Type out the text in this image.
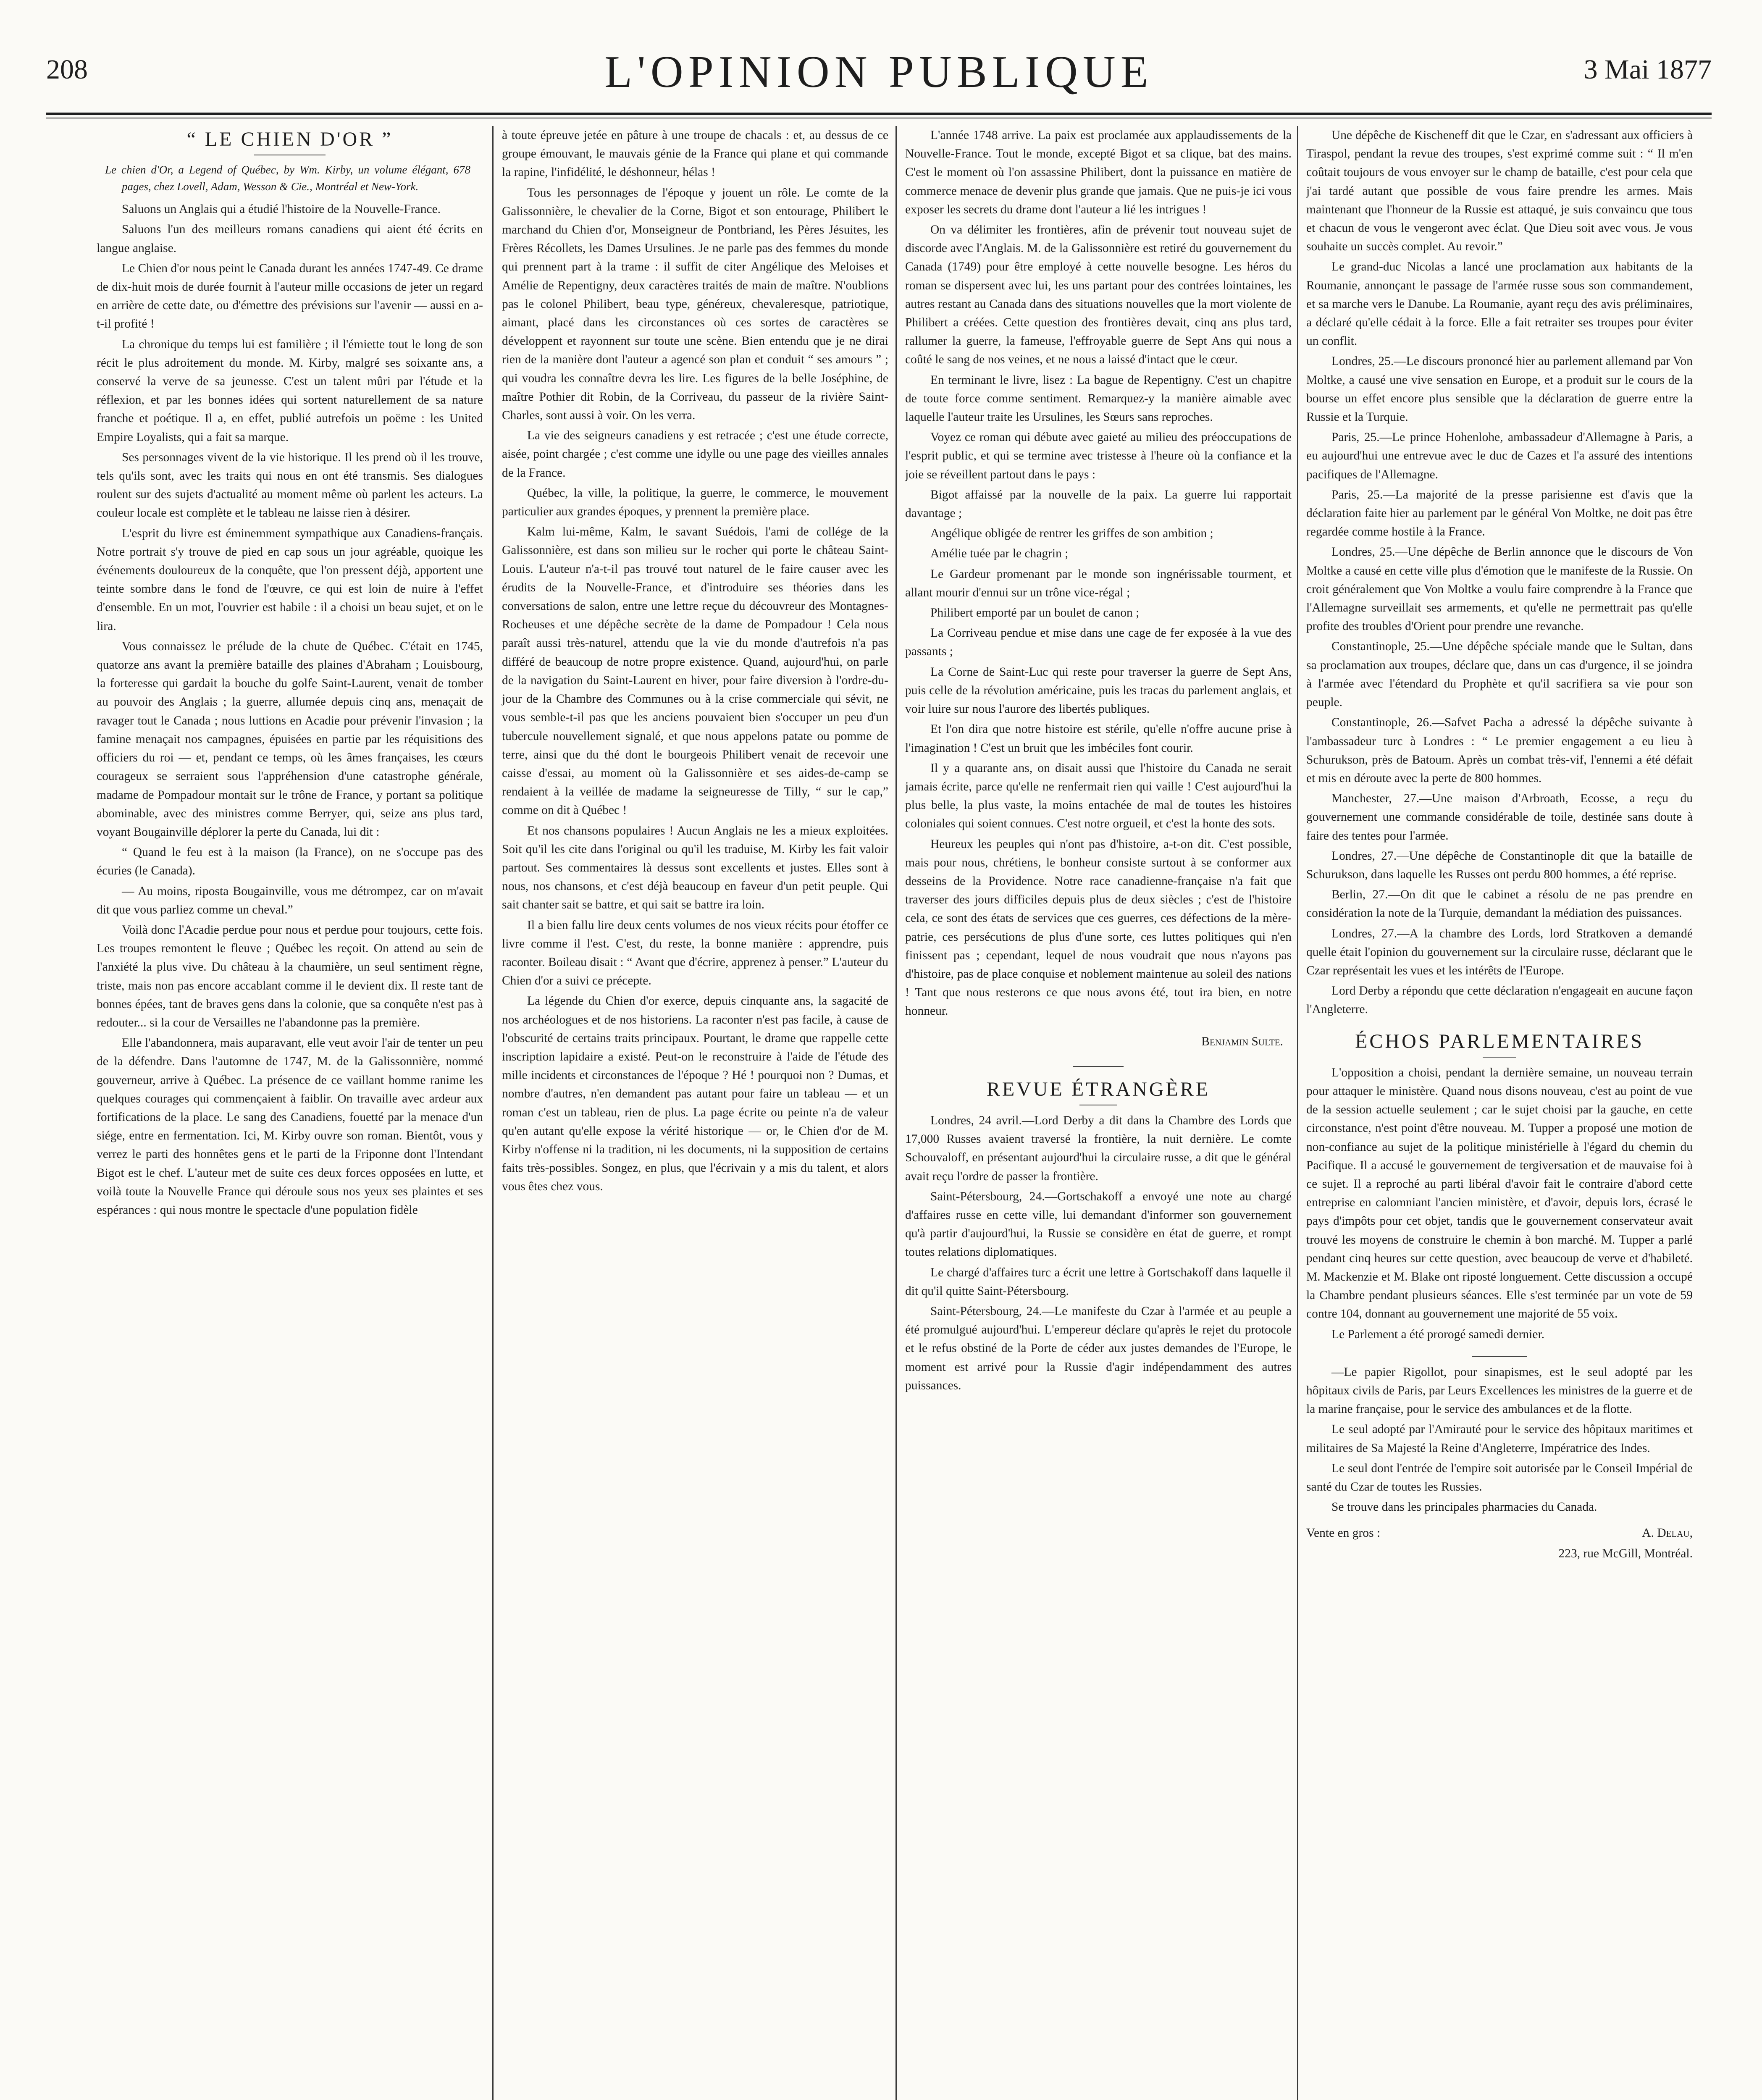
208	L'OPINION PUBLIQUE	3 Mai 1877
“ LE CHIEN D'OR ”

Le chien d'Or, a Legend of Québec, by Wm. Kirby, un volume élégant, 678 pages, chez Lovell, Adam, Wesson & Cie., Montréal et New-York.

Saluons un Anglais qui a étudié l'histoire de la Nouvelle-France.

Saluons l'un des meilleurs romans canadiens qui aient été écrits en langue anglaise.

Le Chien d'or nous peint le Canada durant les années 1747-49. Ce drame de dix-huit mois de durée fournit à l'auteur mille occasions de jeter un regard en arrière de cette date, ou d'émettre des prévisions sur l'avenir — aussi en a-t-il profité !

La chronique du temps lui est familière ; il l'émiette tout le long de son récit le plus adroitement du monde. M. Kirby, malgré ses soixante ans, a conservé la verve de sa jeunesse. C'est un talent mûri par l'étude et la réflexion, et par les bonnes idées qui sortent naturellement de sa nature franche et poétique. Il a, en effet, publié autrefois un poëme : les United Empire Loyalists, qui a fait sa marque.

Ses personnages vivent de la vie historique. Il les prend où il les trouve, tels qu'ils sont, avec les traits qui nous en ont été transmis. Ses dialogues roulent sur des sujets d'actualité au moment même où parlent les acteurs. La couleur locale est complète et le tableau ne laisse rien à désirer.

L'esprit du livre est éminemment sympathique aux Canadiens-français. Notre portrait s'y trouve de pied en cap sous un jour agréable, quoique les événements douloureux de la conquête, que l'on pressent déjà, apportent une teinte sombre dans le fond de l'œuvre, ce qui est loin de nuire à l'effet d'ensemble. En un mot, l'ouvrier est habile : il a choisi un beau sujet, et on le lira.

Vous connaissez le prélude de la chute de Québec. C'était en 1745, quatorze ans avant la première bataille des plaines d'Abraham ; Louisbourg, la forteresse qui gardait la bouche du golfe Saint-Laurent, venait de tomber au pouvoir des Anglais ; la guerre, allumée depuis cinq ans, menaçait de ravager tout le Canada ; nous luttions en Acadie pour prévenir l'invasion ; la famine menaçait nos campagnes, épuisées en partie par les réquisitions des officiers du roi — et, pendant ce temps, où les âmes françaises, les cœurs courageux se serraient sous l'appréhension d'une catastrophe générale, madame de Pompadour montait sur le trône de France, y portant sa politique abominable, avec des ministres comme Berryer, qui, seize ans plus tard, voyant Bougainville déplorer la perte du Canada, lui dit :

“ Quand le feu est à la maison (la France), on ne s'occupe pas des écuries (le Canada).

— Au moins, riposta Bougainville, vous me détrompez, car on m'avait dit que vous parliez comme un cheval.”

Voilà donc l'Acadie perdue pour nous et perdue pour toujours, cette fois. Les troupes remontent le fleuve ; Québec les reçoit. On attend au sein de l'anxiété la plus vive. Du château à la chaumière, un seul sentiment règne, triste, mais non pas encore accablant comme il le devient dix. Il reste tant de bonnes épées, tant de braves gens dans la colonie, que sa conquête n'est pas à redouter... si la cour de Versailles ne l'abandonne pas la première.

Elle l'abandonnera, mais auparavant, elle veut avoir l'air de tenter un peu de la défendre. Dans l'automne de 1747, M. de la Galissonnière, nommé gouverneur, arrive à Québec. La présence de ce vaillant homme ranime les quelques courages qui commençaient à faiblir. On travaille avec ardeur aux fortifications de la place. Le sang des Canadiens, fouetté par la menace d'un siége, entre en fermentation. Ici, M. Kirby ouvre son roman. Bientôt, vous y verrez le parti des honnêtes gens et le parti de la Friponne dont l'Intendant Bigot est le chef. L'auteur met de suite ces deux forces opposées en lutte, et voilà toute la Nouvelle France qui déroule sous nos yeux ses plaintes et ses espérances : qui nous montre le spectacle d'une population fidèle

à toute épreuve jetée en pâture à une troupe de chacals : et, au dessus de ce groupe émouvant, le mauvais génie de la France qui plane et qui commande la rapine, l'infidélité, le déshonneur, hélas !

Tous les personnages de l'époque y jouent un rôle. Le comte de la Galissonnière, le chevalier de la Corne, Bigot et son entourage, Philibert le marchand du Chien d'or, Monseigneur de Pontbriand, les Pères Jésuites, les Frères Récollets, les Dames Ursulines. Je ne parle pas des femmes du monde qui prennent part à la trame : il suffit de citer Angélique des Meloises et Amélie de Repentigny, deux caractères traités de main de maître. N'oublions pas le colonel Philibert, beau type, généreux, chevaleresque, patriotique, aimant, placé dans les circonstances où ces sortes de caractères se développent et rayonnent sur toute une scène. Bien entendu que je ne dirai rien de la manière dont l'auteur a agencé son plan et conduit “ ses amours ” ; qui voudra les connaître devra les lire. Les figures de la belle Joséphine, de maître Pothier dit Robin, de la Corriveau, du passeur de la rivière Saint-Charles, sont aussi à voir. On les verra.

La vie des seigneurs canadiens y est retracée ; c'est une étude correcte, aisée, point chargée ; c'est comme une idylle ou une page des vieilles annales de la France.

Québec, la ville, la politique, la guerre, le commerce, le mouvement particulier aux grandes époques, y prennent la première place.

Kalm lui-même, Kalm, le savant Suédois, l'ami de collége de la Galissonnière, est dans son milieu sur le rocher qui porte le château Saint-Louis. L'auteur n'a-t-il pas trouvé tout naturel de le faire causer avec les érudits de la Nouvelle-France, et d'introduire ses théories dans les conversations de salon, entre une lettre reçue du découvreur des Montagnes-Rocheuses et une dépêche secrète de la dame de Pompadour ! Cela nous paraît aussi très-naturel, attendu que la vie du monde d'autrefois n'a pas différé de beaucoup de notre propre existence. Quand, aujourd'hui, on parle de la navigation du Saint-Laurent en hiver, pour faire diversion à l'ordre-du-jour de la Chambre des Communes ou à la crise commerciale qui sévit, ne vous semble-t-il pas que les anciens pouvaient bien s'occuper un peu d'un tubercule nouvellement signalé, et que nous appelons patate ou pomme de terre, ainsi que du thé dont le bourgeois Philibert venait de recevoir une caisse d'essai, au moment où la Galissonnière et ses aides-de-camp se rendaient à la veillée de madame la seigneuresse de Tilly, “ sur le cap,” comme on dit à Québec !

Et nos chansons populaires ! Aucun Anglais ne les a mieux exploitées. Soit qu'il les cite dans l'original ou qu'il les traduise, M. Kirby les fait valoir partout. Ses commentaires là dessus sont excellents et justes. Elles sont à nous, nos chansons, et c'est déjà beaucoup en faveur d'un petit peuple. Qui sait chanter sait se battre, et qui sait se battre ira loin.

Il a bien fallu lire deux cents volumes de nos vieux récits pour étoffer ce livre comme il l'est. C'est, du reste, la bonne manière : apprendre, puis raconter. Boileau disait : “ Avant que d'écrire, apprenez à penser.” L'auteur du Chien d'or a suivi ce précepte.

La légende du Chien d'or exerce, depuis cinquante ans, la sagacité de nos archéologues et de nos historiens. La raconter n'est pas facile, à cause de l'obscurité de certains traits principaux. Pourtant, le drame que rappelle cette inscription lapidaire a existé. Peut-on le reconstruire à l'aide de l'étude des mille incidents et circonstances de l'époque ? Hé ! pourquoi non ? Dumas, et nombre d'autres, n'en demandent pas autant pour faire un tableau — et un roman c'est un tableau, rien de plus. La page écrite ou peinte n'a de valeur qu'en autant qu'elle expose la vérité historique — or, le Chien d'or de M. Kirby n'offense ni la tradition, ni les documents, ni la supposition de certains faits très-possibles. Songez, en plus, que l'écrivain y a mis du talent, et alors vous êtes chez vous.

L'année 1748 arrive. La paix est proclamée aux applaudissements de la Nouvelle-France. Tout le monde, excepté Bigot et sa clique, bat des mains. C'est le moment où l'on assassine Philibert, dont la puissance en matière de commerce menace de devenir plus grande que jamais. Que ne puis-je ici vous exposer les secrets du drame dont l'auteur a lié les intrigues !

On va délimiter les frontières, afin de prévenir tout nouveau sujet de discorde avec l'Anglais. M. de la Galissonnière est retiré du gouvernement du Canada (1749) pour être employé à cette nouvelle besogne. Les héros du roman se dispersent avec lui, les uns partant pour des contrées lointaines, les autres restant au Canada dans des situations nouvelles que la mort violente de Philibert a créées. Cette question des frontières devait, cinq ans plus tard, rallumer la guerre, la fameuse, l'effroyable guerre de Sept Ans qui nous a coûté le sang de nos veines, et ne nous a laissé d'intact que le cœur.

En terminant le livre, lisez : La bague de Repentigny. C'est un chapitre de toute force comme sentiment. Remarquez-y la manière aimable avec laquelle l'auteur traite les Ursulines, les Sœurs sans reproches.

Voyez ce roman qui débute avec gaieté au milieu des préoccupations de l'esprit public, et qui se termine avec tristesse à l'heure où la confiance et la joie se réveillent partout dans le pays :

Bigot affaissé par la nouvelle de la paix. La guerre lui rapportait davantage ;

Angélique obligée de rentrer les griffes de son ambition ;

Amélie tuée par le chagrin ;

Le Gardeur promenant par le monde son ingnérissable tourment, et allant mourir d'ennui sur un trône vice-régal ;

Philibert emporté par un boulet de canon ;

La Corriveau pendue et mise dans une cage de fer exposée à la vue des passants ;

La Corne de Saint-Luc qui reste pour traverser la guerre de Sept Ans, puis celle de la révolution américaine, puis les tracas du parlement anglais, et voir luire sur nous l'aurore des libertés publiques.

Et l'on dira que notre histoire est stérile, qu'elle n'offre aucune prise à l'imagination ! C'est un bruit que les imbéciles font courir.

Il y a quarante ans, on disait aussi que l'histoire du Canada ne serait jamais écrite, parce qu'elle ne renfermait rien qui vaille ! C'est aujourd'hui la plus belle, la plus vaste, la moins entachée de mal de toutes les histoires coloniales qui soient connues. C'est notre orgueil, et c'est la honte des sots.

Heureux les peuples qui n'ont pas d'histoire, a-t-on dit. C'est possible, mais pour nous, chrétiens, le bonheur consiste surtout à se conformer aux desseins de la Providence. Notre race canadienne-française n'a fait que traverser des jours difficiles depuis plus de deux siècles ; c'est de l'histoire cela, ce sont des états de services que ces guerres, ces défections de la mère-patrie, ces persécutions de plus d'une sorte, ces luttes politiques qui n'en finissent pas ; cependant, lequel de nous voudrait que nous n'ayons pas d'histoire, pas de place conquise et noblement maintenue au soleil des nations ! Tant que nous resterons ce que nous avons été, tout ira bien, en notre honneur.

Benjamin Sulte.

REVUE ÉTRANGÈRE

Londres, 24 avril.—Lord Derby a dit dans la Chambre des Lords que 17,000 Russes avaient traversé la frontière, la nuit dernière. Le comte Schouvaloff, en présentant aujourd'hui la circulaire russe, a dit que le général avait reçu l'ordre de passer la frontière.

Saint-Pétersbourg, 24.—Gortschakoff a envoyé une note au chargé d'affaires russe en cette ville, lui demandant d'informer son gouvernement qu'à partir d'aujourd'hui, la Russie se considère en état de guerre, et rompt toutes relations diplomatiques.

Le chargé d'affaires turc a écrit une lettre à Gortschakoff dans laquelle il dit qu'il quitte Saint-Pétersbourg.

Saint-Pétersbourg, 24.—Le manifeste du Czar à l'armée et au peuple a été promulgué aujourd'hui. L'empereur déclare qu'après le rejet du protocole et le refus obstiné de la Porte de céder aux justes demandes de l'Europe, le moment est arrivé pour la Russie d'agir indépendamment des autres puissances.

Une dépêche de Kischeneff dit que le Czar, en s'adressant aux officiers à Tiraspol, pendant la revue des troupes, s'est exprimé comme suit : “ Il m'en coûtait toujours de vous envoyer sur le champ de bataille, c'est pour cela que j'ai tardé autant que possible de vous faire prendre les armes. Mais maintenant que l'honneur de la Russie est attaqué, je suis convaincu que tous et chacun de vous le vengeront avec éclat. Que Dieu soit avec vous. Je vous souhaite un succès complet. Au revoir.”

Le grand-duc Nicolas a lancé une proclamation aux habitants de la Roumanie, annonçant le passage de l'armée russe sous son commandement, et sa marche vers le Danube. La Roumanie, ayant reçu des avis préliminaires, a déclaré qu'elle cédait à la force. Elle a fait retraiter ses troupes pour éviter un conflit.

Londres, 25.—Le discours prononcé hier au parlement allemand par Von Moltke, a causé une vive sensation en Europe, et a produit sur le cours de la bourse un effet encore plus sensible que la déclaration de guerre entre la Russie et la Turquie.

Paris, 25.—Le prince Hohenlohe, ambassadeur d'Allemagne à Paris, a eu aujourd'hui une entrevue avec le duc de Cazes et l'a assuré des intentions pacifiques de l'Allemagne.

Paris, 25.—La majorité de la presse parisienne est d'avis que la déclaration faite hier au parlement par le général Von Moltke, ne doit pas être regardée comme hostile à la France.

Londres, 25.—Une dépêche de Berlin annonce que le discours de Von Moltke a causé en cette ville plus d'émotion que le manifeste de la Russie. On croit généralement que Von Moltke a voulu faire comprendre à la France que l'Allemagne surveillait ses armements, et qu'elle ne permettrait pas qu'elle profite des troubles d'Orient pour prendre une revanche.

Constantinople, 25.—Une dépêche spéciale mande que le Sultan, dans sa proclamation aux troupes, déclare que, dans un cas d'urgence, il se joindra à l'armée avec l'étendard du Prophète et qu'il sacrifiera sa vie pour son peuple.

Constantinople, 26.—Safvet Pacha a adressé la dépêche suivante à l'ambassadeur turc à Londres : “ Le premier engagement a eu lieu à Schurukson, près de Batoum. Après un combat très-vif, l'ennemi a été défait et mis en déroute avec la perte de 800 hommes.

Manchester, 27.—Une maison d'Arbroath, Ecosse, a reçu du gouvernement une commande considérable de toile, destinée sans doute à faire des tentes pour l'armée.

Londres, 27.—Une dépêche de Constantinople dit que la bataille de Schurukson, dans laquelle les Russes ont perdu 800 hommes, a été reprise.

Berlin, 27.—On dit que le cabinet a résolu de ne pas prendre en considération la note de la Turquie, demandant la médiation des puissances.

Londres, 27.—A la chambre des Lords, lord Stratkoven a demandé quelle était l'opinion du gouvernement sur la circulaire russe, déclarant que le Czar représentait les vues et les intérêts de l'Europe.

Lord Derby a répondu que cette déclaration n'engageait en aucune façon l'Angleterre.

ÉCHOS PARLEMENTAIRES

L'opposition a choisi, pendant la dernière semaine, un nouveau terrain pour attaquer le ministère. Quand nous disons nouveau, c'est au point de vue de la session actuelle seulement ; car le sujet choisi par la gauche, en cette circonstance, n'est point d'être nouveau. M. Tupper a proposé une motion de non-confiance au sujet de la politique ministérielle à l'égard du chemin du Pacifique. Il a accusé le gouvernement de tergiversation et de mauvaise foi à ce sujet. Il a reproché au parti libéral d'avoir fait le contraire d'abord cette entreprise en calomniant l'ancien ministère, et d'avoir, depuis lors, écrasé le pays d'impôts pour cet objet, tandis que le gouvernement conservateur avait trouvé les moyens de construire le chemin à bon marché. M. Tupper a parlé pendant cinq heures sur cette question, avec beaucoup de verve et d'habileté. M. Mackenzie et M. Blake ont riposté longuement. Cette discussion a occupé la Chambre pendant plusieurs séances. Elle s'est terminée par un vote de 59 contre 104, donnant au gouvernement une majorité de 55 voix.

Le Parlement a été prorogé samedi dernier.

—Le papier Rigollot, pour sinapismes, est le seul adopté par les hôpitaux civils de Paris, par Leurs Excellences les ministres de la guerre et de la marine française, pour le service des ambulances et de la flotte.

Le seul adopté par l'Amirauté pour le service des hôpitaux maritimes et militaires de Sa Majesté la Reine d'Angleterre, Impératrice des Indes.

Le seul dont l'entrée de l'empire soit autorisée par le Conseil Impérial de santé du Czar de toutes les Russies.

Se trouve dans les principales pharmacies du Canada.

Vente en gros :	A. Delau,

223, rue McGill, Montréal.
